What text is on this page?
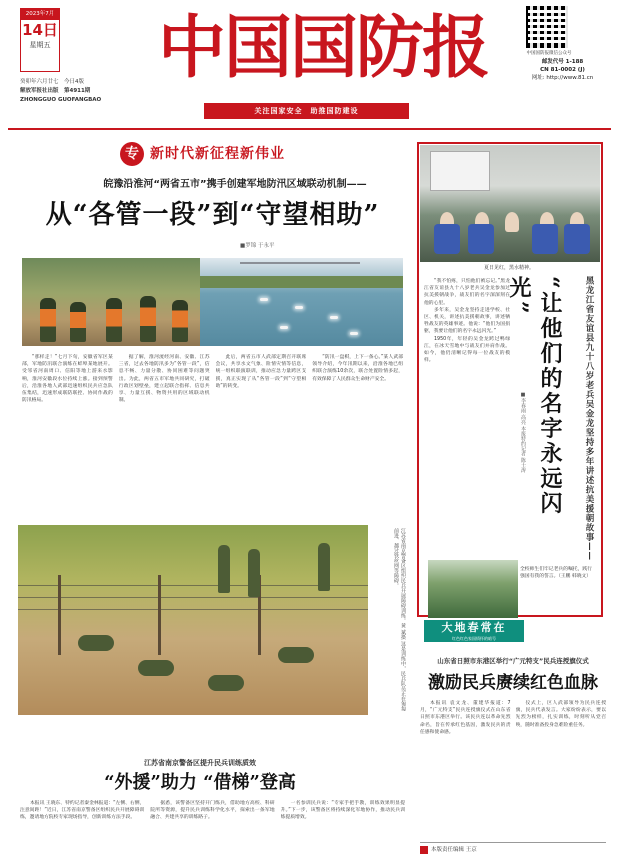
2023年7月
14日
星期五
癸卯年六月廿七　今日4版
解放军报社出版　第4911期
ZHONGGUO GUOFANGBAO
中国国防报
关注国家安全　助推国防建设
中国国防报微信公众号
邮发代号 1-188
CN 81-0002 (J)
网址: http://www.81.cn
专 新时代新征程新伟业
皖豫沿淮河“两省五市”携手创建军地防汛区域联动机制——
从“各管一段”到“守望相助”
■罗锦 于永平
“那样走！”七月下旬，安徽省军区某部，军地防汛联合演练在蚌埠某地展开。受邻省河南周口、信阳等地上游来水影响，淮河安徽段水位持续上涨。接到预警后，沿淮各地人武部迅速组织民兵应急队伍集结，迅速形成联防联控、协同作战的防汛格局。
据了解，淮河流经河南、安徽、江苏三省，过去各地防汛多为“各管一段”，信息不畅、力量分散、协同困难等问题突出。为此，两省五市军地共同研究，打破行政区划壁垒，建立起联合指挥、信息共享、力量互援、物资共用的区域联动机制。
此后，两省五市人武部定期召开联席会议，共享水文气象、险情灾情等信息，统一组织联演联训，推动应急力量跨区支援，真正实现了从“各管一段”到“守望相助”的转变。
“防汛一盘棋，上下一条心。”某人武部领导介绍，今年汛期以来，沿淮各地已组织联合演练10余次，联合处置险情多起，有效保障了人民群众生命财产安全。
江苏省南京警备区组织民兵开展障碍训练。黄 斌摄 这是训练中，民兵队员正在匍匐前进、越过铁丝网等障碍。
江苏省南京警备区提升民兵训练质效
“外援”助力 “借梯”登高
本报讯 王晓东、特约记者秦金林报道：“左侧、右侧，注意间距！”近日，江苏省南京警备区组织民兵开展障碍训练，邀请地方院校专家现场指导，创新训练方法手段。
据悉，该警备区坚持开门练兵，借助地方高校、科研院所等资源，提升民兵训练科学化水平，探索出一条军地融合、共建共享的训练路子。
一名参训民兵说：“专家手把手教，训练效果明显提升。”下一步，该警备区将持续深化军地协作，推动民兵训练提质增效。
夏日见红，黑水精神。

“我不怕疼，只怕他们被忘记。”黑龙江省友谊县九十八岁老兵吴金龙参加过抗美援朝战争，战友们的名字深深刻在他的心里。

多年来，吴金龙坚持走进学校、社区、机关，讲述抗美援朝故事，讲述牺牲战友的英雄事迹。他说：“他们为国捐躯，我要让他们的名字永远闪光。”

1950年，年轻的吴金龙跨过鸭绿江，在冰天雪地中与战友们并肩作战。如今，他仍清晰记得每一位战友的模样。

■李春雨 高亮 本报特约记者 陈士涛 “让他们的名字永远闪光”	黑龙江省友谊县九十八岁老兵吴金龙坚持多年讲述抗美援朝故事——
全校师生们牢记老兵的嘱托，践行强国有我的誓言。（王鹏 韩晓文）
大地春常在
红色红色家国情怀的暗号
山东省日照市东港区举行“广元特支”民兵连授旗仪式
激励民兵赓续红色血脉
本报讯 袁文龙、董建华报道：7月，“广元特支”民兵连授旗仪式在山东省日照市东港区举行。该民兵连以革命先烈命名，旨在传承红色基因，激发民兵的责任感和使命感。
仪式上，区人武部领导为民兵连授旗，民兵代表发言。大家纷纷表示，要以先烈为榜样，扎实训练，时刻听从党召唤，随时准备投身急难险重任务。
本版责任编辑 王京
